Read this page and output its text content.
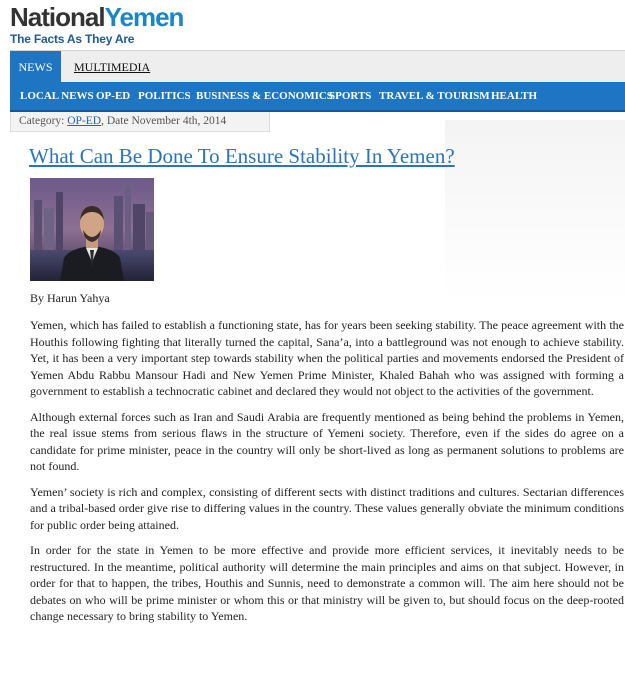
NationalYemen
The Facts As They Are
NEWS	MULTIMEDIA
LOCAL NEWS OP-ED POLITICS BUSINESS & ECONOMICS
SPORTS TRAVEL & TOURISM HEALTH
Category: OP-ED, Date November 4th, 2014
What Can Be Done To Ensure Stability In Yemen?
By Harun Yahya

Yemen, which has failed to establish a functioning state, has for years been seeking stability. The peace agreement with the Houthis following fighting that literally turned the capital, Sana’a, into a battleground was not enough to achieve stability. Yet, it has been a very important step towards stability when the political parties and movements endorsed the President of Yemen Abdu Rabbu Mansour Hadi and New Yemen Prime Minister, Khaled Bahah who was assigned with forming a government to establish a technocratic cabinet and declared they would not object to the activities of the government.

Although external forces such as Iran and Saudi Arabia are frequently mentioned as being behind the problems in Yemen, the real issue stems from serious flaws in the structure of Yemeni society. Therefore, even if the sides do agree on a candidate for prime minister, peace in the country will only be short-lived as long as permanent solutions to problems are not found.

Yemen’ society is rich and complex, consisting of different sects with distinct traditions and cultures. Sectarian differences and a tribal-based order give rise to differing values in the country. These values generally obviate the minimum conditions for public order being attained.

In order for the state in Yemen to be more effective and provide more efficient services, it inevitably needs to be restructured. In the meantime, political authority will determine the main principles and aims on that subject. However, in order for that to happen, the tribes, Houthis and Sunnis, need to demonstrate a common will. The aim here should not be debates on who will be prime minister or whom this or that ministry will be given to, but should focus on the deep-rooted change necessary to bring stability to Yemen.
